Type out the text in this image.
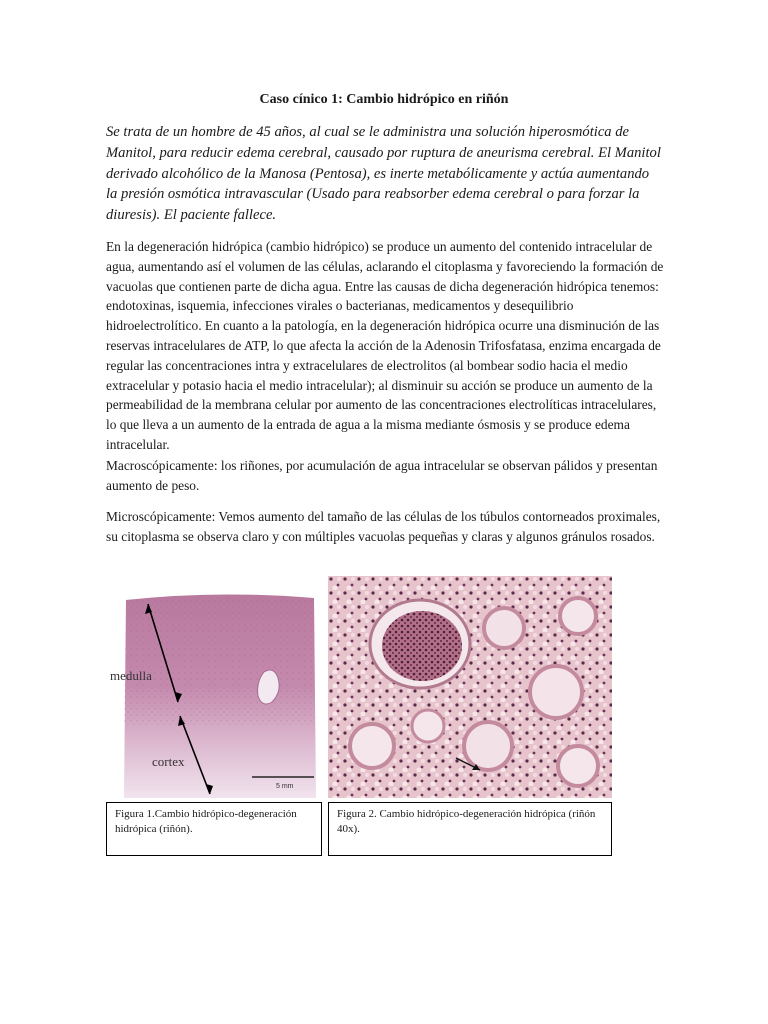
Caso cínico 1: Cambio hidrópico en riñón
Se trata de un hombre de 45 años, al cual se le administra una solución hiperosmótica de Manitol, para reducir edema cerebral, causado por ruptura de aneurisma cerebral. El Manitol derivado alcohólico de la Manosa (Pentosa), es inerte metabólicamente y actúa aumentando la presión osmótica intravascular (Usado para reabsorber edema cerebral o para forzar la diuresis). El paciente fallece.
En la degeneración hidrópica (cambio hidrópico) se produce un aumento del contenido intracelular de agua, aumentando así el volumen de las células, aclarando el citoplasma y favoreciendo la formación de vacuolas que contienen parte de dicha agua. Entre las causas de dicha degeneración hidrópica tenemos: endotoxinas, isquemia, infecciones virales o bacterianas, medicamentos y desequilibrio hidroelectrolítico. En cuanto a la patología, en la degeneración hidrópica ocurre una disminución de las reservas intracelulares de ATP, lo que afecta la acción de la Adenosin Trifosfatasa, enzima encargada de regular las concentraciones intra y extracelulares de electrolitos (al bombear sodio hacia el medio extracelular y potasio hacia el medio intracelular); al disminuir su acción se produce un aumento de la permeabilidad de la membrana celular por aumento de las concentraciones electrolíticas intracelulares, lo que lleva a un aumento de la entrada de agua a la misma mediante ósmosis y se produce edema intracelular.
Macroscópicamente: los riñones, por acumulación de agua intracelular se observan pálidos y presentan aumento de peso.
Microscópicamente: Vemos aumento del tamaño de las células de los túbulos contorneados proximales, su citoplasma se observa claro y con múltiples vacuolas pequeñas y claras y algunos gránulos rosados.
medulla
cortex
5 mm
Figura 1.Cambio hidrópico-degeneración hidrópica (riñón).
Figura 2. Cambio hidrópico-degeneración hidrópica (riñón 40x).
